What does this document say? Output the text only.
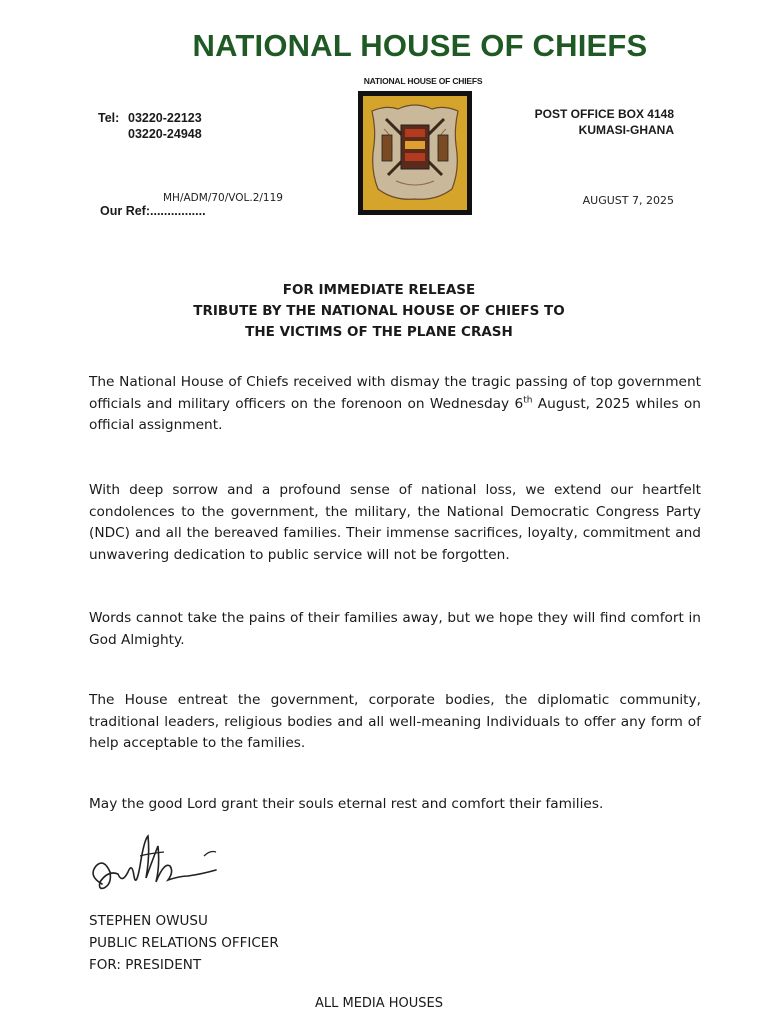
NATIONAL HOUSE OF CHIEFS
Tel: 03220-22123
03220-24948
NATIONAL HOUSE OF CHIEFS
POST OFFICE BOX 4148
KUMASI-GHANA
MH/ADM/70/VOL.2/119
Our Ref:................
AUGUST 7, 2025
FOR IMMEDIATE RELEASE
TRIBUTE BY THE NATIONAL HOUSE OF CHIEFS TO
THE VICTIMS OF THE PLANE CRASH
The National House of Chiefs received with dismay the tragic passing of top government officials and military officers on the forenoon on Wednesday 6th August, 2025 whiles on official assignment.
With deep sorrow and a profound sense of national loss, we extend our heartfelt condolences to the government, the military, the National Democratic Congress Party (NDC) and all the bereaved families. Their immense sacrifices, loyalty, commitment and unwavering dedication to public service will not be forgotten.
Words cannot take the pains of their families away, but we hope they will find comfort in God Almighty.
The House entreat the government, corporate bodies, the diplomatic community, traditional leaders, religious bodies and all well-meaning Individuals to offer any form of help acceptable to the families.
May the good Lord grant their souls eternal rest and comfort their families.
STEPHEN OWUSU
PUBLIC RELATIONS OFFICER
FOR: PRESIDENT
ALL MEDIA HOUSES
